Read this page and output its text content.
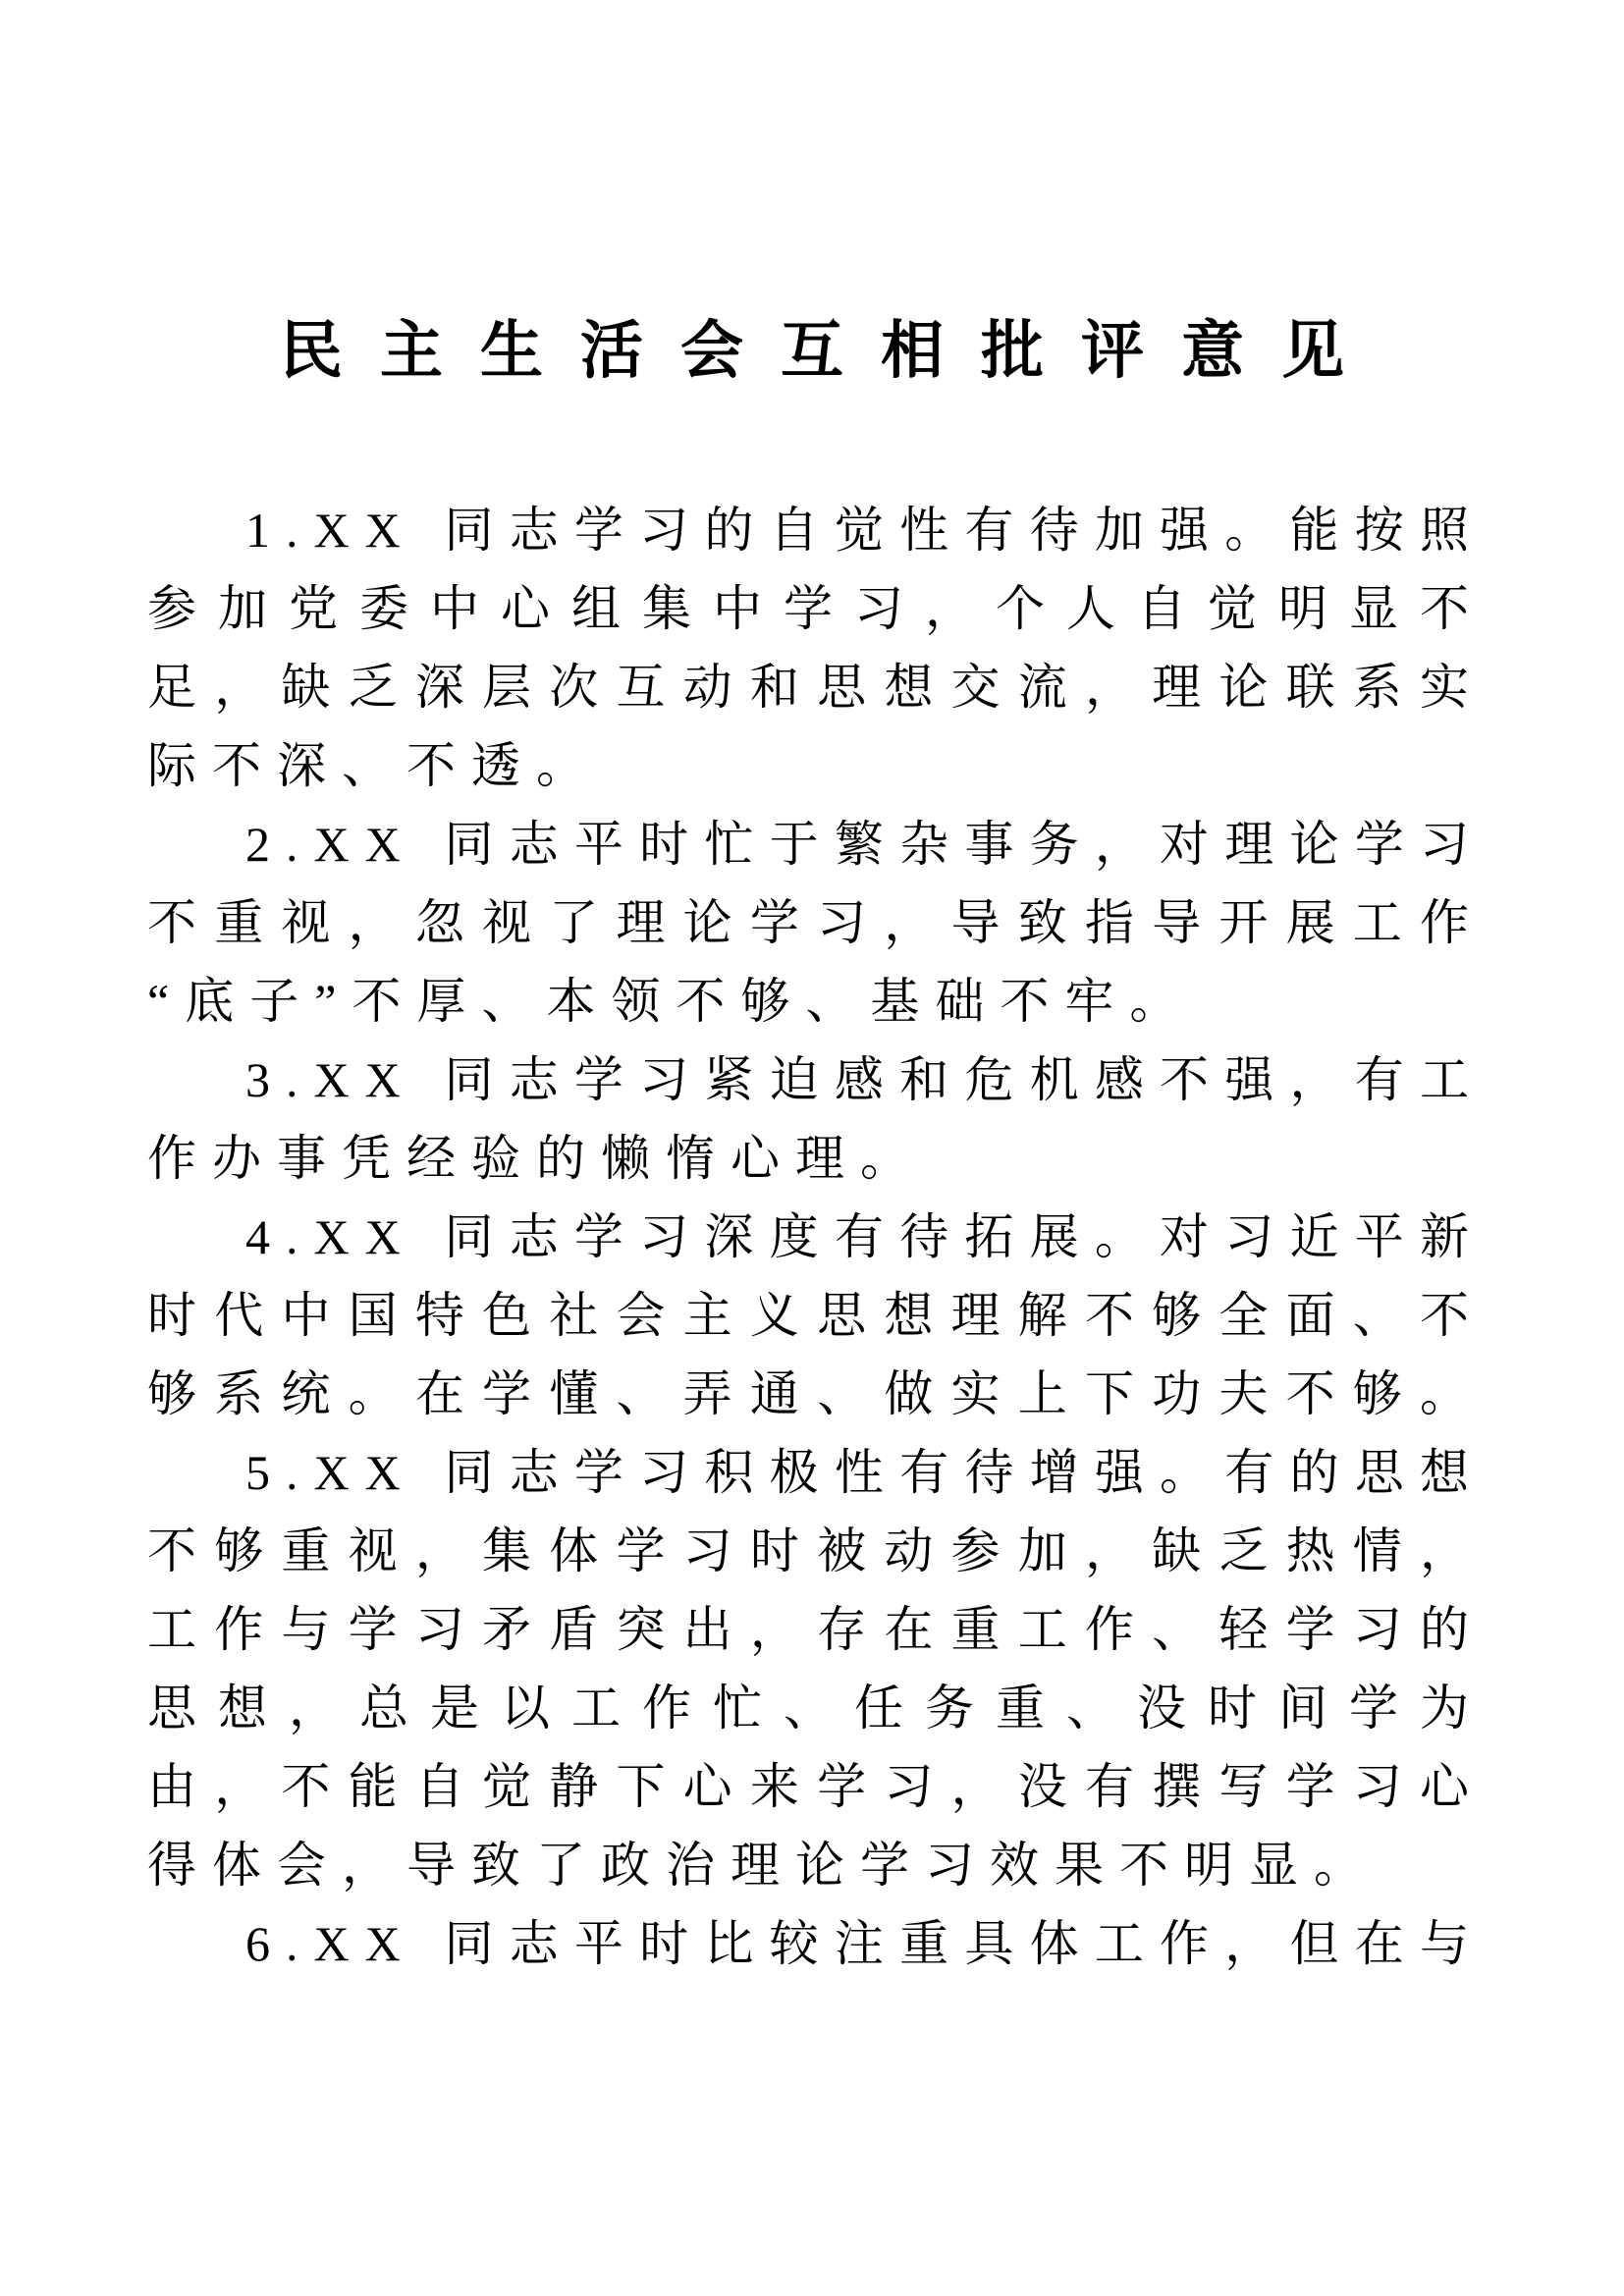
民主生活会互相批评意见
1.XX 同志学习的自觉性有待加强。能按照
参加党委中心组集中学习，个人自觉明显不
足，缺乏深层次互动和思想交流，理论联系实
际不深、不透。
2.XX 同志平时忙于繁杂事务，对理论学习
不重视，忽视了理论学习，导致指导开展工作
“底子”不厚、本领不够、基础不牢。
3.XX 同志学习紧迫感和危机感不强，有工
作办事凭经验的懒惰心理。
4.XX 同志学习深度有待拓展。对习近平新
时代中国特色社会主义思想理解不够全面、不
够系统。在学懂、弄通、做实上下功夫不够。
5.XX 同志学习积极性有待增强。有的思想
不够重视，集体学习时被动参加，缺乏热情，
工作与学习矛盾突出，存在重工作、轻学习的
思想，总是以工作忙、任务重、没时间学为
由，不能自觉静下心来学习，没有撰写学习心
得体会，导致了政治理论学习效果不明显。
6.XX 同志平时比较注重具体工作，但在与
